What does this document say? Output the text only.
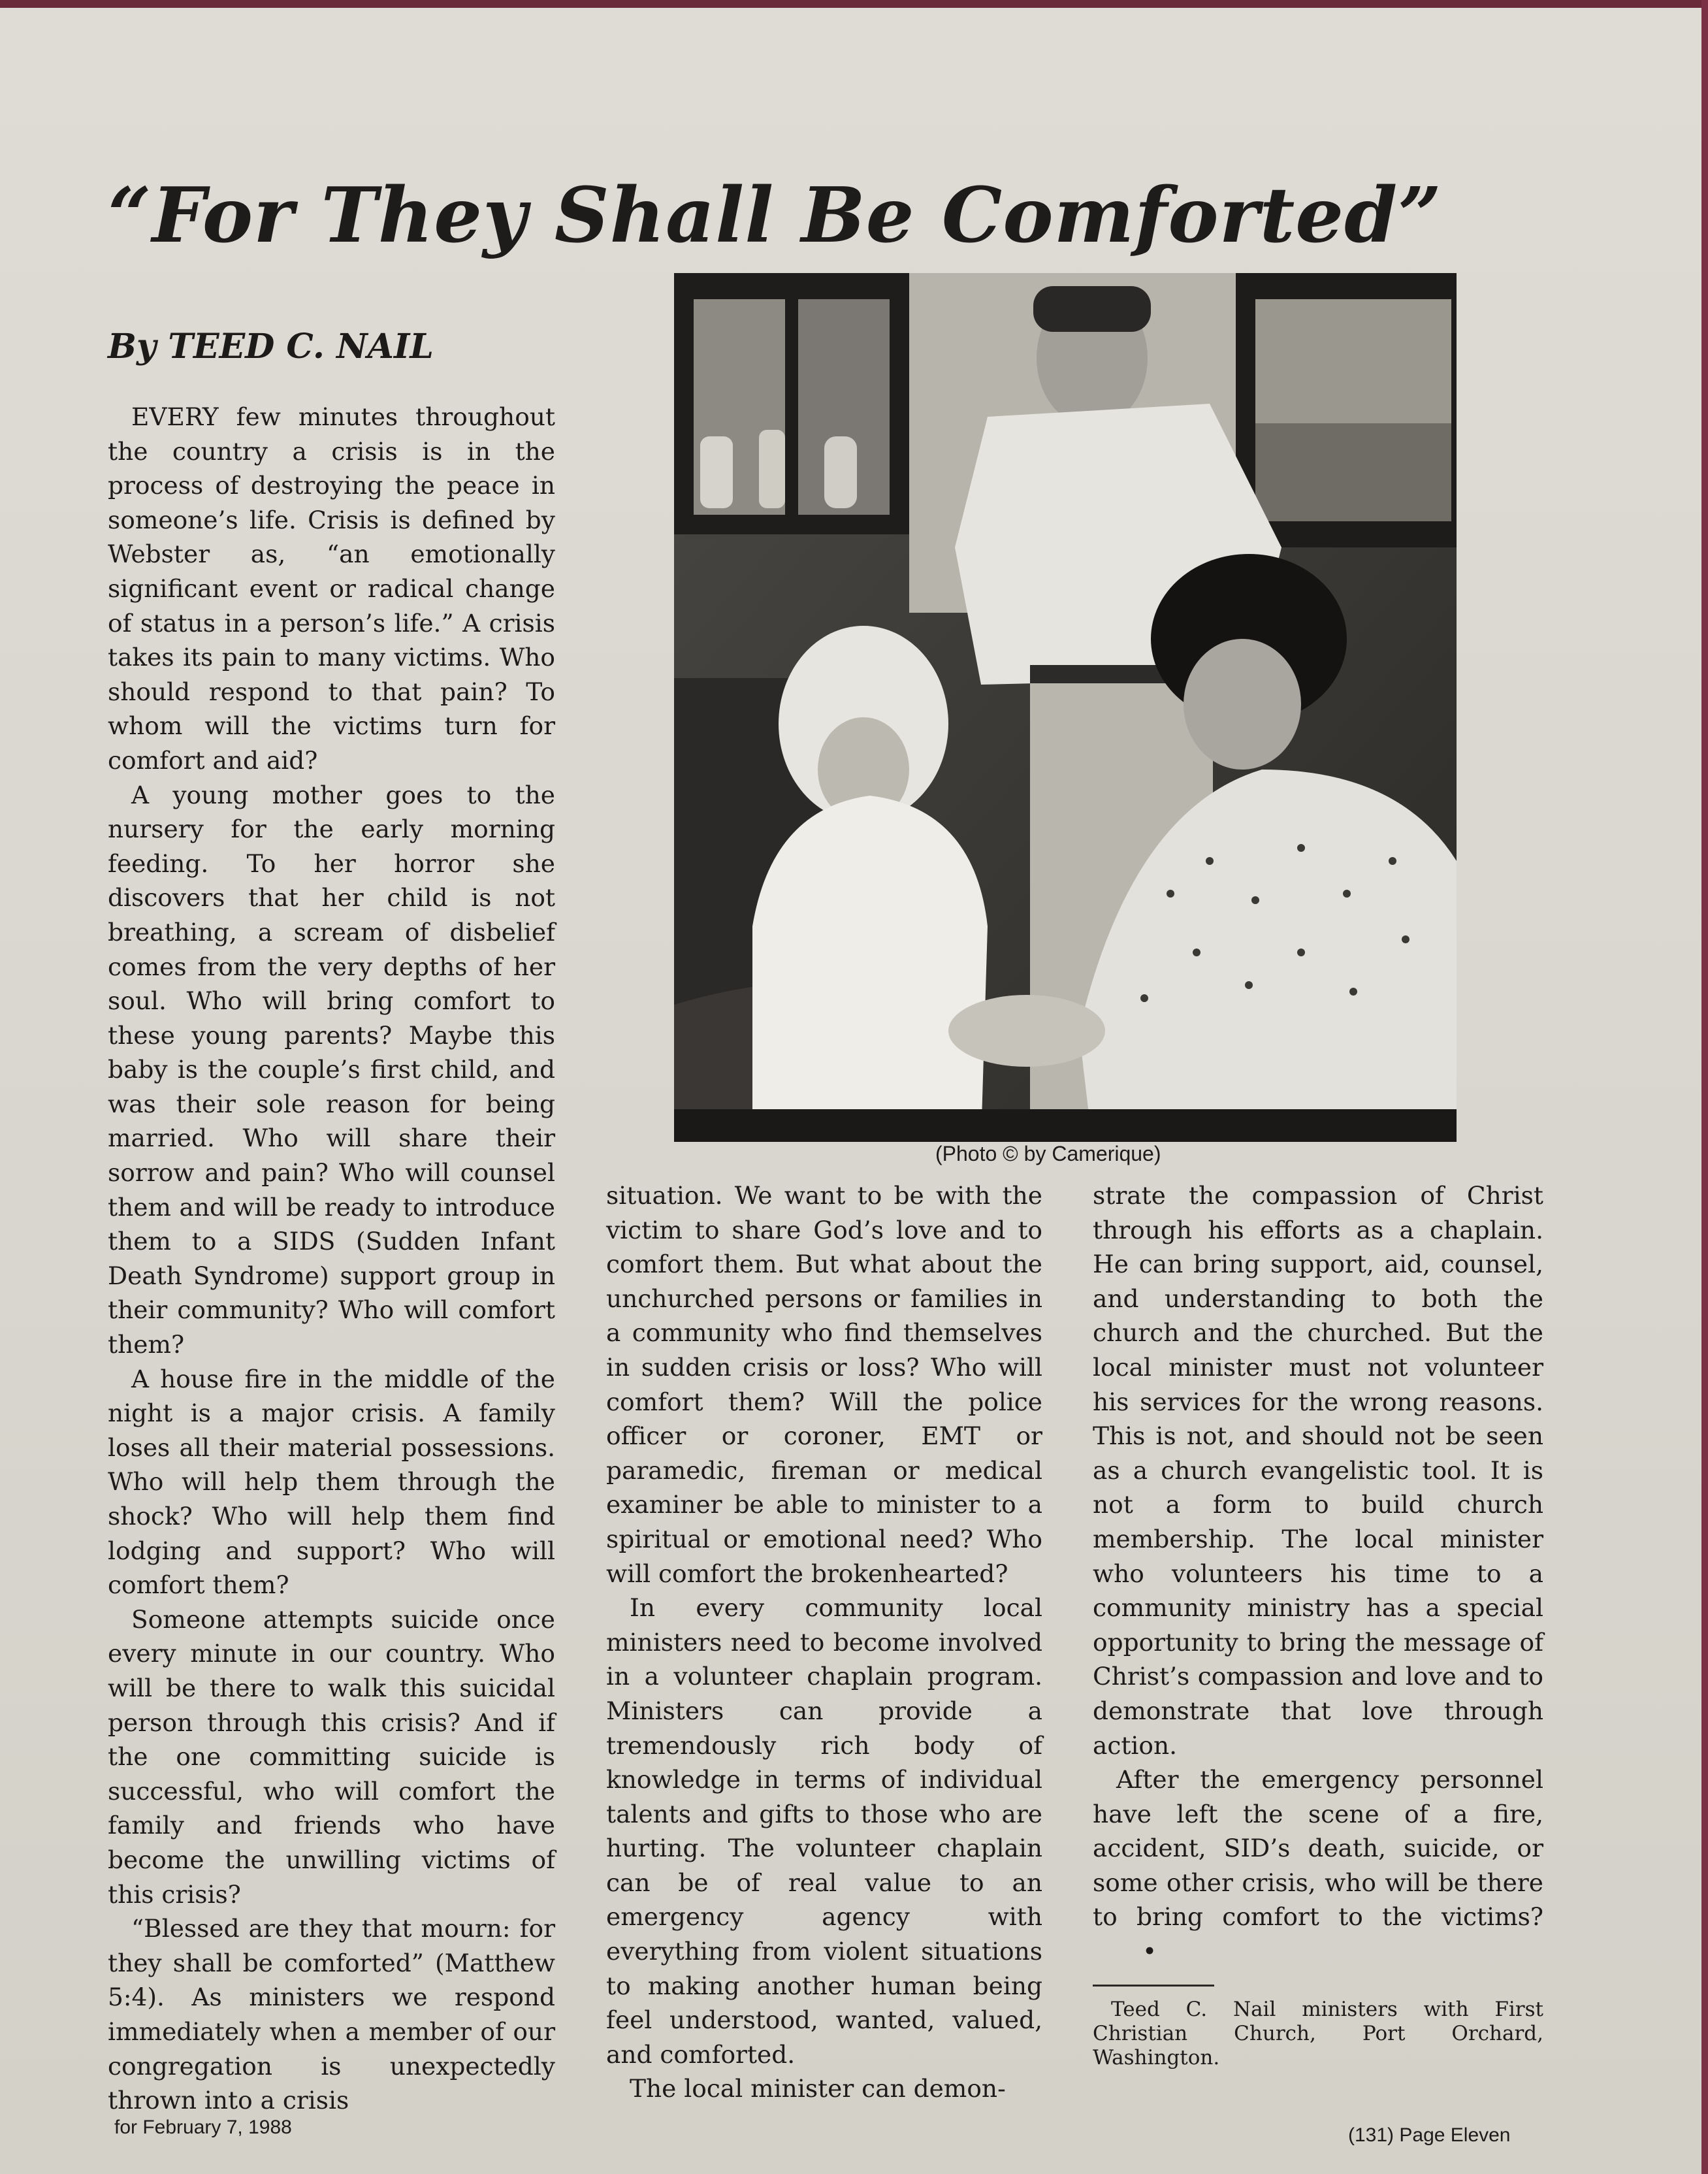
“For They Shall Be Comforted”
By TEED C. NAIL
(Photo © by Camerique)

EVERY few minutes throughout the country a crisis is in the process of destroying the peace in someone’s life. Crisis is defined by Webster as, “an emotionally significant event or radical change of status in a person’s life.” A crisis takes its pain to many victims. Who should respond to that pain? To whom will the victims turn for comfort and aid?

A young mother goes to the nursery for the early morning feeding. To her horror she discovers that her child is not breathing, a scream of disbelief comes from the very depths of her soul. Who will bring comfort to these young parents? Maybe this baby is the couple’s first child, and was their sole reason for being married. Who will share their sorrow and pain? Who will counsel them and will be ready to introduce them to a SIDS (Sudden Infant Death Syndrome) support group in their community? Who will comfort them?

A house fire in the middle of the night is a major crisis. A family loses all their material possessions. Who will help them through the shock? Who will help them find lodging and support? Who will comfort them?

Someone attempts suicide once every minute in our country. Who will be there to walk this suicidal person through this crisis? And if the one committing suicide is successful, who will comfort the family and friends who have become the unwilling victims of this crisis?

“Blessed are they that mourn: for they shall be comforted” (Matthew 5:4). As ministers we respond immediately when a member of our congregation is unexpectedly thrown into a crisis

situation. We want to be with the victim to share God’s love and to comfort them. But what about the unchurched persons or families in a community who find themselves in sudden crisis or loss? Who will comfort them? Will the police officer or coroner, EMT or paramedic, fireman or medical examiner be able to minister to a spiritual or emotional need? Who will comfort the brokenhearted?

In every community local ministers need to become involved in a volunteer chaplain program. Ministers can provide a tremendously rich body of knowledge in terms of individual talents and gifts to those who are hurting. The volunteer chaplain can be of real value to an emergency agency with everything from violent situations to making another human being feel understood, wanted, valued, and comforted.

The local minister can demon-

strate the compassion of Christ through his efforts as a chaplain. He can bring support, aid, counsel, and understanding to both the church and the churched. But the local minister must not volunteer his services for the wrong reasons. This is not, and should not be seen as a church evangelistic tool. It is not a form to build church membership. The local minister who volunteers his time to a community ministry has a special opportunity to bring the message of Christ’s compassion and love and to demonstrate that love through action.

After the emergency personnel have left the scene of a fire, accident, SID’s death, suicide, or some other crisis, who will be there to bring comfort to the victims?•

Teed C. Nail ministers with First Christian Church, Port Orchard, Washington.
for February 7, 1988	(131) Page Eleven
